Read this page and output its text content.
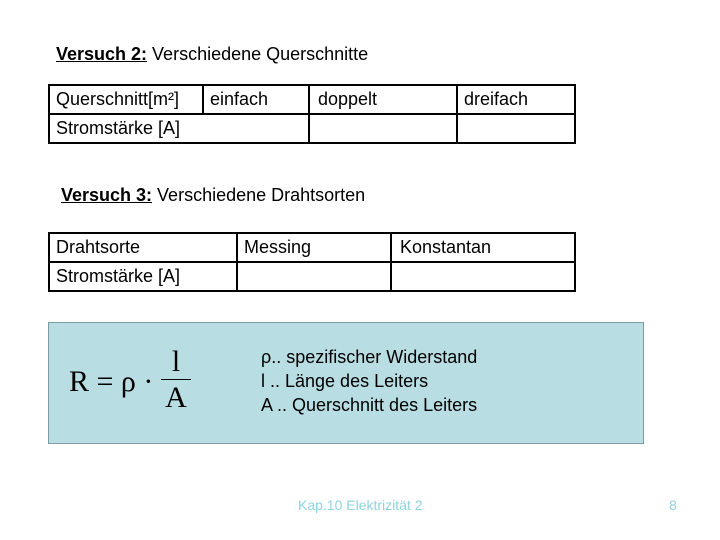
Versuch 2: Verschiedene Querschnitte
Querschnitt[m²]	einfach	doppelt	dreifach
Stromstärke [A]			
Versuch 3: Verschiedene Drahtsorten
Drahtsorte	Messing	Konstantan
Stromstärke [A]		
R = ρ ·
l
A
ρ.. spezifischer Widerstand
l .. Länge des Leiters
A .. Querschnitt des Leiters
Kap.10 Elektrizität 2	8
